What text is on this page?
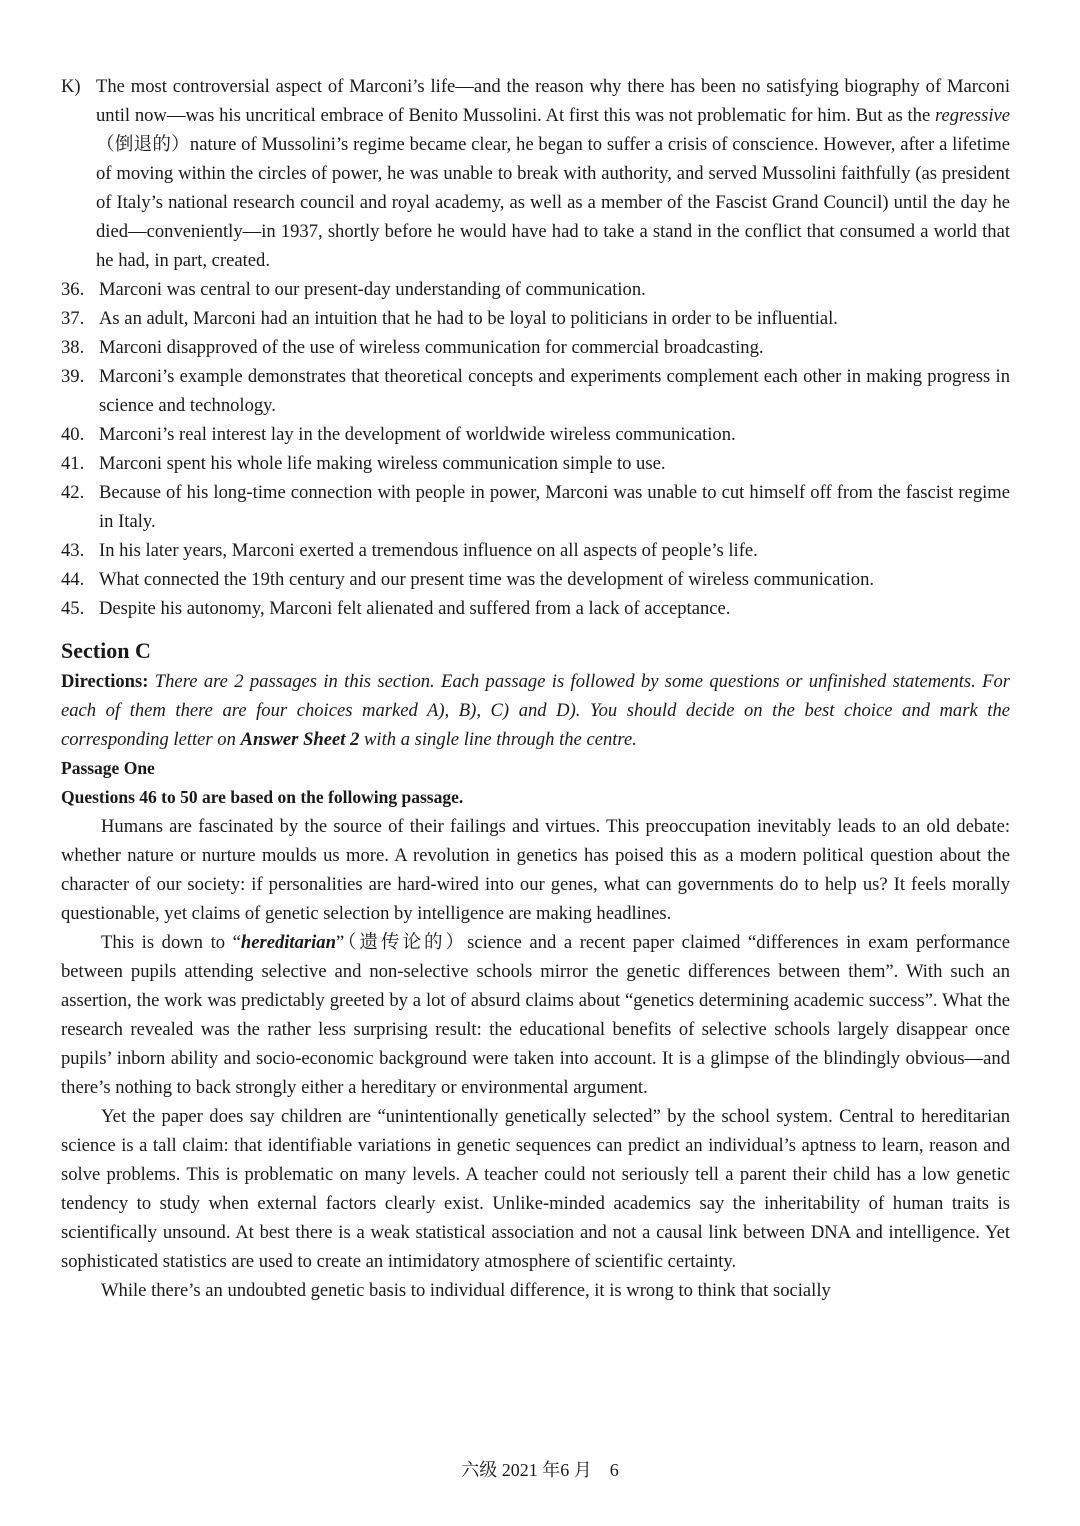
K) The most controversial aspect of Marconi’s life—and the reason why there has been no satisfying biography of Marconi until now—was his uncritical embrace of Benito Mussolini. At first this was not problematic for him. But as the regressive（倒退的）nature of Mussolini’s regime became clear, he began to suffer a crisis of conscience. However, after a lifetime of moving within the circles of power, he was unable to break with authority, and served Mussolini faithfully (as president of Italy’s national research council and royal academy, as well as a member of the Fascist Grand Council) until the day he died—conveniently—in 1937, shortly before he would have had to take a stand in the conflict that consumed a world that he had, in part, created.
36. Marconi was central to our present-day understanding of communication.
37. As an adult, Marconi had an intuition that he had to be loyal to politicians in order to be influential.
38. Marconi disapproved of the use of wireless communication for commercial broadcasting.
39. Marconi’s example demonstrates that theoretical concepts and experiments complement each other in making progress in science and technology.
40. Marconi’s real interest lay in the development of worldwide wireless communication.
41. Marconi spent his whole life making wireless communication simple to use.
42. Because of his long-time connection with people in power, Marconi was unable to cut himself off from the fascist regime in Italy.
43. In his later years, Marconi exerted a tremendous influence on all aspects of people’s life.
44. What connected the 19th century and our present time was the development of wireless communication.
45. Despite his autonomy, Marconi felt alienated and suffered from a lack of acceptance.
Section C
Directions: There are 2 passages in this section. Each passage is followed by some questions or unfinished statements. For each of them there are four choices marked A), B), C) and D). You should decide on the best choice and mark the corresponding letter on Answer Sheet 2 with a single line through the centre.
Passage One
Questions 46 to 50 are based on the following passage.

Humans are fascinated by the source of their failings and virtues. This preoccupation inevitably leads to an old debate: whether nature or nurture moulds us more. A revolution in genetics has poised this as a modern political question about the character of our society: if personalities are hard-wired into our genes, what can governments do to help us? It feels morally questionable, yet claims of genetic selection by intelligence are making headlines.

This is down to “hereditarian”（遗传论的）science and a recent paper claimed “differences in exam performance between pupils attending selective and non-selective schools mirror the genetic differences between them”. With such an assertion, the work was predictably greeted by a lot of absurd claims about “genetics determining academic success”. What the research revealed was the rather less surprising result: the educational benefits of selective schools largely disappear once pupils’ inborn ability and socio-economic background were taken into account. It is a glimpse of the blindingly obvious—and there’s nothing to back strongly either a hereditary or environmental argument.

Yet the paper does say children are “unintentionally genetically selected” by the school system. Central to hereditarian science is a tall claim: that identifiable variations in genetic sequences can predict an individual’s aptness to learn, reason and solve problems. This is problematic on many levels. A teacher could not seriously tell a parent their child has a low genetic tendency to study when external factors clearly exist. Unlike-minded academics say the inheritability of human traits is scientifically unsound. At best there is a weak statistical association and not a causal link between DNA and intelligence. Yet sophisticated statistics are used to create an intimidatory atmosphere of scientific certainty.

While there’s an undoubted genetic basis to individual difference, it is wrong to think that socially

六级 2021 年6 月 6
